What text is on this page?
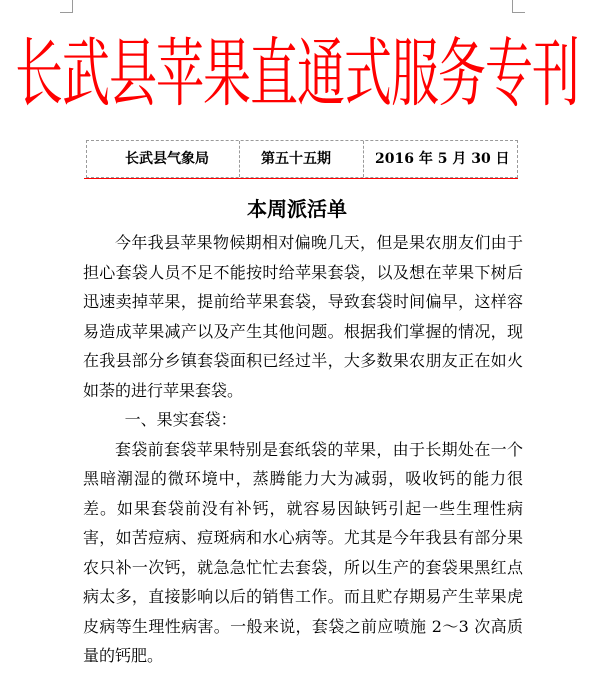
长武县苹果直通式服务专刊
长武县气象局	第五十五期	2016 年 5 月 30 日
本周派活单

今年我县苹果物候期相对偏晚几天，但是果农朋友们由于担心套袋人员不足不能按时给苹果套袋，以及想在苹果下树后迅速卖掉苹果，提前给苹果套袋，导致套袋时间偏早，这样容易造成苹果减产以及产生其他问题。根据我们掌握的情况，现在我县部分乡镇套袋面积已经过半，大多数果农朋友正在如火如荼的进行苹果套袋。

一、果实套袋：

套袋前套袋苹果特别是套纸袋的苹果，由于长期处在一个黑暗潮湿的微环境中，蒸腾能力大为减弱，吸收钙的能力很差。如果套袋前没有补钙，就容易因缺钙引起一些生理性病害，如苦痘病、痘斑病和水心病等。尤其是今年我县有部分果农只补一次钙，就急急忙忙去套袋，所以生产的套袋果黑红点病太多，直接影响以后的销售工作。而且贮存期易产生苹果虎皮病等生理性病害。一般来说，套袋之前应喷施 2～3 次高质量的钙肥。
